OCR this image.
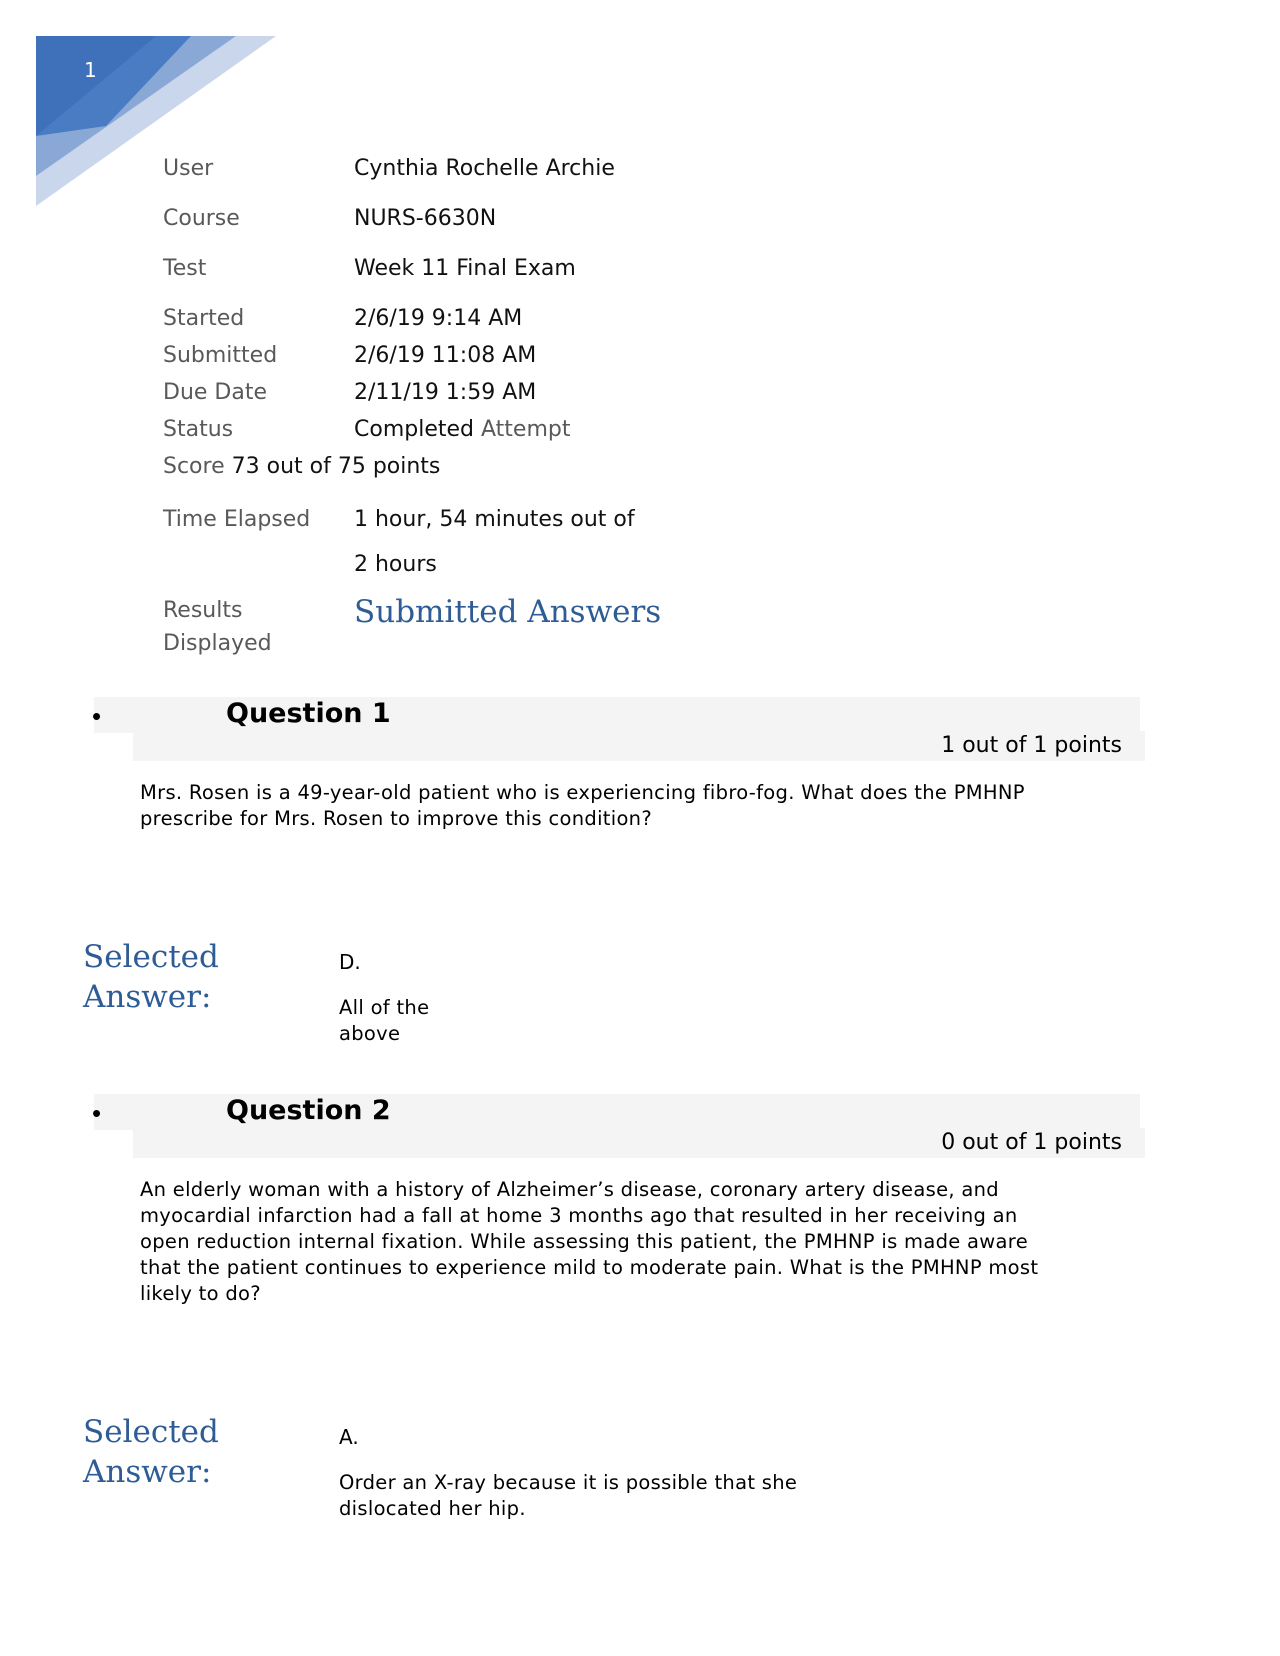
1
User	Cynthia Rochelle Archie
Course	NURS-6630N
Test	Week 11 Final Exam
Started	2/6/19 9:14 AM
Submitted	2/6/19 11:08 AM
Due Date	2/11/19 1:59 AM
Status	Completed Attempt
Score 73 out of 75 points
Time Elapsed 1 hour, 54 minutes out of
2 hours
Results
Displayed
Submitted Answers
•	Question 1
1 out of 1 points
Mrs. Rosen is a 49-year-old patient who is experiencing fibro-fog. What does the PMHNP prescribe for Mrs. Rosen to improve this condition?
Selected
Answer:
D.
All of the
above
•	Question 2
0 out of 1 points
An elderly woman with a history of Alzheimer’s disease, coronary artery disease, and myocardial infarction had a fall at home 3 months ago that resulted in her receiving an open reduction internal fixation. While assessing this patient, the PMHNP is made aware that the patient continues to experience mild to moderate pain. What is the PMHNP most likely to do?
Selected
Answer:
A.
Order an X-ray because it is possible that she
dislocated her hip.
